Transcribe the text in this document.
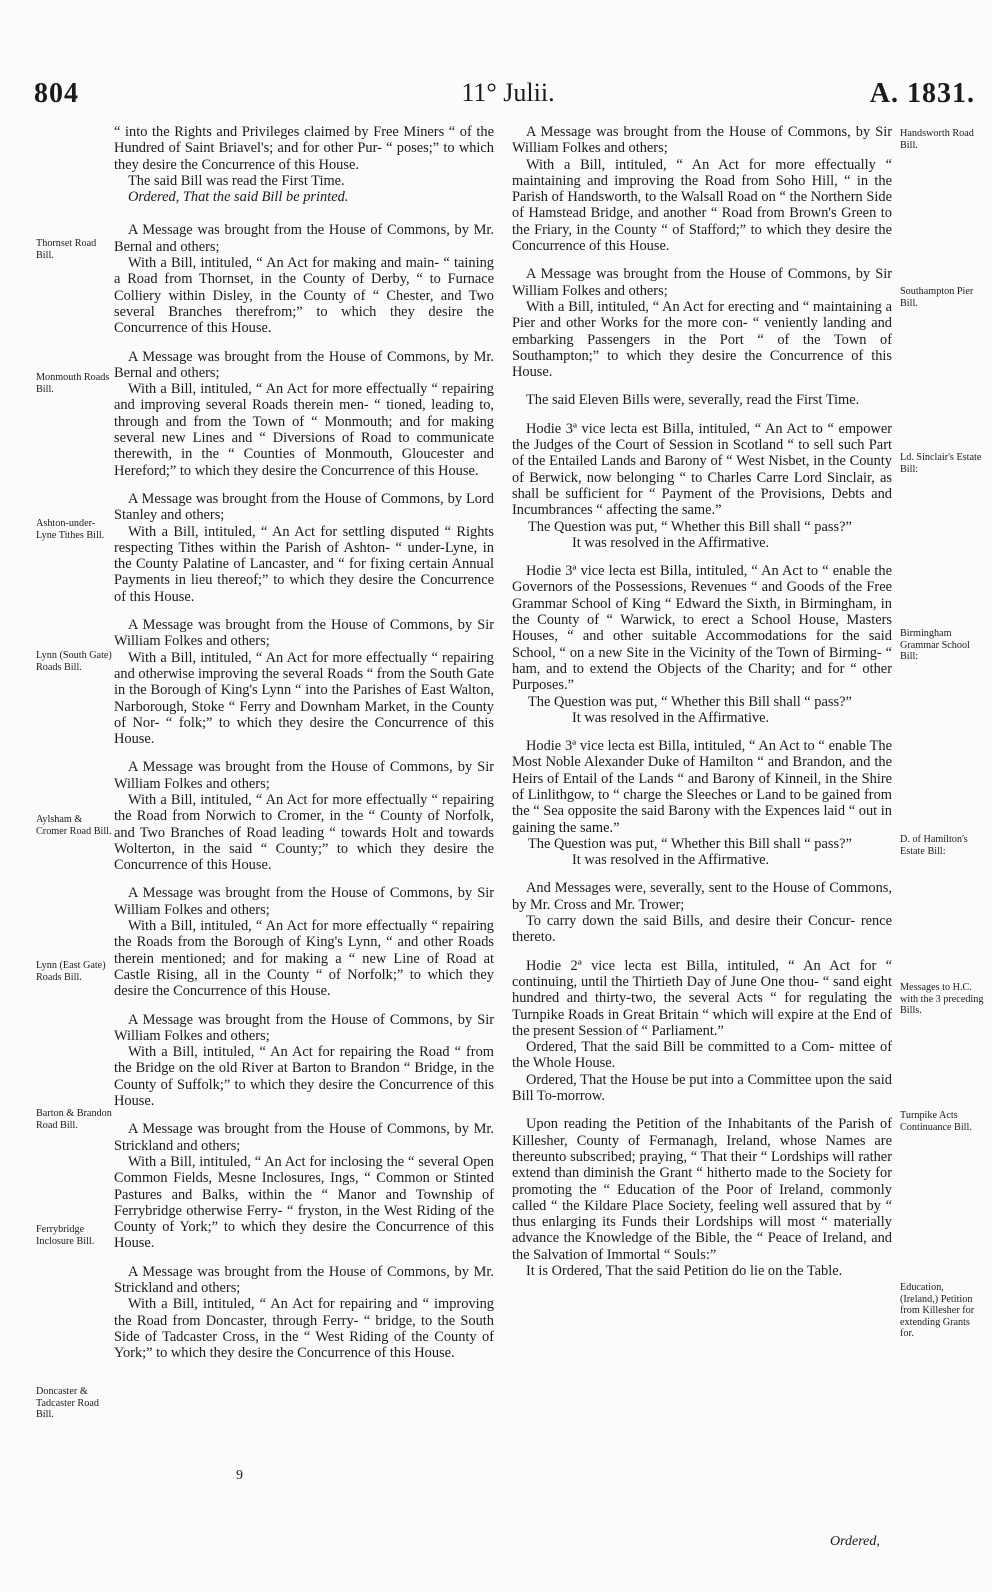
804	11° Julii.	A. 1831.
Thornset Road Bill.
Monmouth Roads Bill.
Ashton-under-Lyne Tithes Bill.
Lynn (South Gate) Roads Bill.
Aylsham & Cromer Road Bill.
Lynn (East Gate) Roads Bill.
Barton & Brandon Road Bill.
Ferrybridge Inclosure Bill.
Doncaster & Tadcaster Road Bill.

“ into the Rights and Privileges claimed by Free Miners “ of the Hundred of Saint Briavel's; and for other Pur- “ poses;” to which they desire the Concurrence of this House.

The said Bill was read the First Time.

Ordered, That the said Bill be printed.

A Message was brought from the House of Commons, by Mr. Bernal and others;

With a Bill, intituled, “ An Act for making and main- “ taining a Road from Thornset, in the County of Derby, “ to Furnace Colliery within Disley, in the County of “ Chester, and Two several Branches therefrom;” to which they desire the Concurrence of this House.

A Message was brought from the House of Commons, by Mr. Bernal and others;

With a Bill, intituled, “ An Act for more effectually “ repairing and improving several Roads therein men- “ tioned, leading to, through and from the Town of “ Monmouth; and for making several new Lines and “ Diversions of Road to communicate therewith, in the “ Counties of Monmouth, Gloucester and Hereford;” to which they desire the Concurrence of this House.

A Message was brought from the House of Commons, by Lord Stanley and others;

With a Bill, intituled, “ An Act for settling disputed “ Rights respecting Tithes within the Parish of Ashton- “ under-Lyne, in the County Palatine of Lancaster, and “ for fixing certain Annual Payments in lieu thereof;” to which they desire the Concurrence of this House.

A Message was brought from the House of Commons, by Sir William Folkes and others;

With a Bill, intituled, “ An Act for more effectually “ repairing and otherwise improving the several Roads “ from the South Gate in the Borough of King's Lynn “ into the Parishes of East Walton, Narborough, Stoke “ Ferry and Downham Market, in the County of Nor- “ folk;” to which they desire the Concurrence of this House.

A Message was brought from the House of Commons, by Sir William Folkes and others;

With a Bill, intituled, “ An Act for more effectually “ repairing the Road from Norwich to Cromer, in the “ County of Norfolk, and Two Branches of Road leading “ towards Holt and towards Wolterton, in the said “ County;” to which they desire the Concurrence of this House.

A Message was brought from the House of Commons, by Sir William Folkes and others;

With a Bill, intituled, “ An Act for more effectually “ repairing the Roads from the Borough of King's Lynn, “ and other Roads therein mentioned; and for making a “ new Line of Road at Castle Rising, all in the County “ of Norfolk;” to which they desire the Concurrence of this House.

A Message was brought from the House of Commons, by Sir William Folkes and others;

With a Bill, intituled, “ An Act for repairing the Road “ from the Bridge on the old River at Barton to Brandon “ Bridge, in the County of Suffolk;” to which they desire the Concurrence of this House.

A Message was brought from the House of Commons, by Mr. Strickland and others;

With a Bill, intituled, “ An Act for inclosing the “ several Open Common Fields, Mesne Inclosures, Ings, “ Common or Stinted Pastures and Balks, within the “ Manor and Township of Ferrybridge otherwise Ferry- “ fryston, in the West Riding of the County of York;” to which they desire the Concurrence of this House.

A Message was brought from the House of Commons, by Mr. Strickland and others;

With a Bill, intituled, “ An Act for repairing and “ improving the Road from Doncaster, through Ferry- “ bridge, to the South Side of Tadcaster Cross, in the “ West Riding of the County of York;” to which they desire the Concurrence of this House.

A Message was brought from the House of Commons, by Sir William Folkes and others;

With a Bill, intituled, “ An Act for more effectually “ maintaining and improving the Road from Soho Hill, “ in the Parish of Handsworth, to the Walsall Road on “ the Northern Side of Hamstead Bridge, and another “ Road from Brown's Green to the Friary, in the County “ of Stafford;” to which they desire the Concurrence of this House.

A Message was brought from the House of Commons, by Sir William Folkes and others;

With a Bill, intituled, “ An Act for erecting and “ maintaining a Pier and other Works for the more con- “ veniently landing and embarking Passengers in the Port “ of the Town of Southampton;” to which they desire the Concurrence of this House.

The said Eleven Bills were, severally, read the First Time.

Hodie 3ª vice lecta est Billa, intituled, “ An Act to “ empower the Judges of the Court of Session in Scotland “ to sell such Part of the Entailed Lands and Barony of “ West Nisbet, in the County of Berwick, now belonging “ to Charles Carre Lord Sinclair, as shall be sufficient for “ Payment of the Provisions, Debts and Incumbrances “ affecting the same.”

The Question was put, “ Whether this Bill shall “ pass?”

It was resolved in the Affirmative.

Hodie 3ª vice lecta est Billa, intituled, “ An Act to “ enable the Governors of the Possessions, Revenues “ and Goods of the Free Grammar School of King “ Edward the Sixth, in Birmingham, in the County of “ Warwick, to erect a School House, Masters Houses, “ and other suitable Accommodations for the said School, “ on a new Site in the Vicinity of the Town of Birming- “ ham, and to extend the Objects of the Charity; and for “ other Purposes.”

The Question was put, “ Whether this Bill shall “ pass?”

It was resolved in the Affirmative.

Hodie 3ª vice lecta est Billa, intituled, “ An Act to “ enable The Most Noble Alexander Duke of Hamilton “ and Brandon, and the Heirs of Entail of the Lands “ and Barony of Kinneil, in the Shire of Linlithgow, to “ charge the Sleeches or Land to be gained from the “ Sea opposite the said Barony with the Expences laid “ out in gaining the same.”

The Question was put, “ Whether this Bill shall “ pass?”

It was resolved in the Affirmative.

And Messages were, severally, sent to the House of Commons, by Mr. Cross and Mr. Trower;

To carry down the said Bills, and desire their Concur- rence thereto.

Hodie 2ª vice lecta est Billa, intituled, “ An Act for “ continuing, until the Thirtieth Day of June One thou- “ sand eight hundred and thirty-two, the several Acts “ for regulating the Turnpike Roads in Great Britain “ which will expire at the End of the present Session of “ Parliament.”

Ordered, That the said Bill be committed to a Com- mittee of the Whole House.

Ordered, That the House be put into a Committee upon the said Bill To-morrow.

Upon reading the Petition of the Inhabitants of the Parish of Killesher, County of Fermanagh, Ireland, whose Names are thereunto subscribed; praying, “ That their “ Lordships will rather extend than diminish the Grant “ hitherto made to the Society for promoting the “ Education of the Poor of Ireland, commonly called “ the Kildare Place Society, feeling well assured that by “ thus enlarging its Funds their Lordships will most “ materially advance the Knowledge of the Bible, the “ Peace of Ireland, and the Salvation of Immortal “ Souls:”

It is Ordered, That the said Petition do lie on the Table.

Handsworth Road Bill.
Southampton Pier Bill.
Ld. Sinclair's Estate Bill:
Birmingham Grammar School Bill:
D. of Hamilton's Estate Bill:
Messages to H.C. with the 3 preceding Bills.
Turnpike Acts Continuance Bill.
Education, (Ireland,) Petition from Killesher for extending Grants for.
9
Ordered,
